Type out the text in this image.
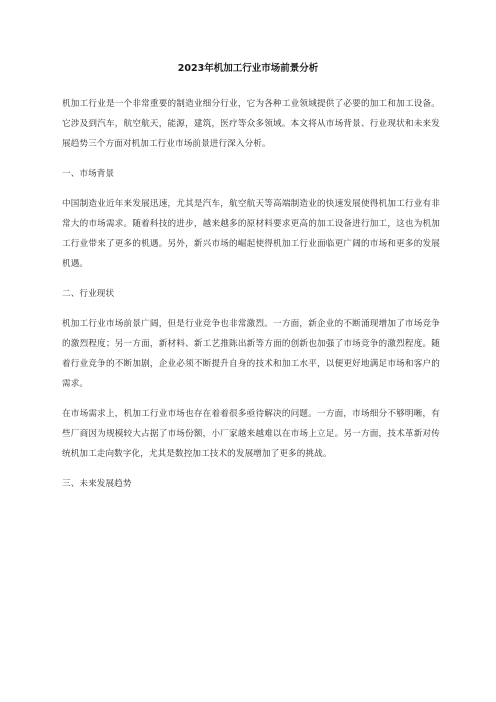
2023年机加工行业市场前景分析

机加工行业是一个非常重要的制造业细分行业，它为各种工业领域提供了必要的加工和加工设备。它涉及到汽车，航空航天，能源，建筑，医疗等众多领域。本文将从市场背景、行业现状和未来发展趋势三个方面对机加工行业市场前景进行深入分析。

一、市场背景

中国制造业近年来发展迅速，尤其是汽车，航空航天等高端制造业的快速发展使得机加工行业有非常大的市场需求。随着科技的进步，越来越多的原材料要求更高的加工设备进行加工，这也为机加工行业带来了更多的机遇。另外，新兴市场的崛起使得机加工行业面临更广阔的市场和更多的发展机遇。

二、行业现状

机加工行业市场前景广阔，但是行业竞争也非常激烈。一方面，新企业的不断涌现增加了市场竞争的激烈程度；另一方面，新材料、新工艺推陈出新等方面的创新也加强了市场竞争的激烈程度。随着行业竞争的不断加剧，企业必须不断提升自身的技术和加工水平，以便更好地满足市场和客户的需求。

在市场需求上，机加工行业市场也存在着着很多亟待解决的问题。一方面，市场细分不够明晰，有些厂商因为规模较大占据了市场份额，小厂家越来越难以在市场上立足。另一方面，技术革新对传统机加工走向数字化，尤其是数控加工技术的发展增加了更多的挑战。

三、未来发展趋势
